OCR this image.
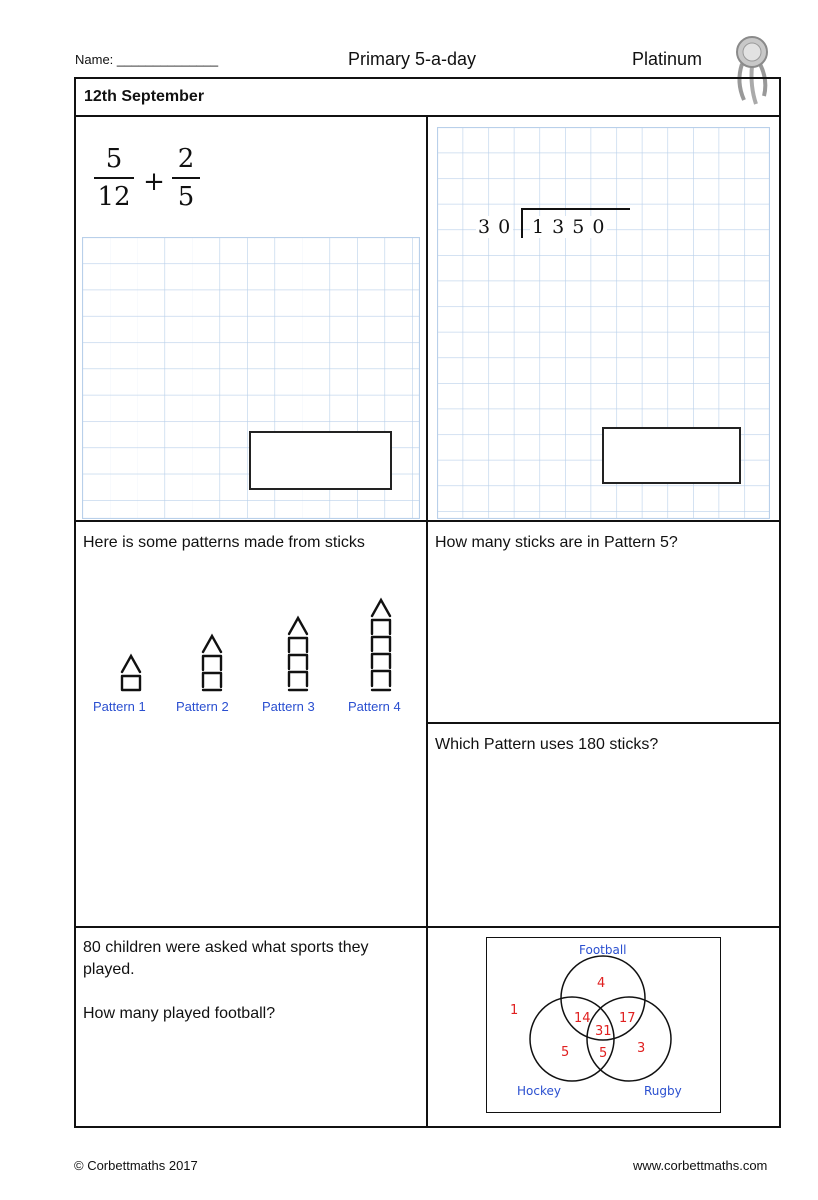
Name: ______________	Primary 5-a-day	Platinum
12th September
5
12 +
2
5
3 0 1 3 5 0
Here is some patterns made from sticks
Pattern 1 Pattern 2	Pattern 3	Pattern 4
How many sticks are in Pattern 5?
Which Pattern uses 180 sticks?
80 children were asked what sports they
played.
How many played football?
Football
Hockey	Rugby
1
4
14 17
31
5 5 3
© Corbettmaths 2017	www.corbettmaths.com
